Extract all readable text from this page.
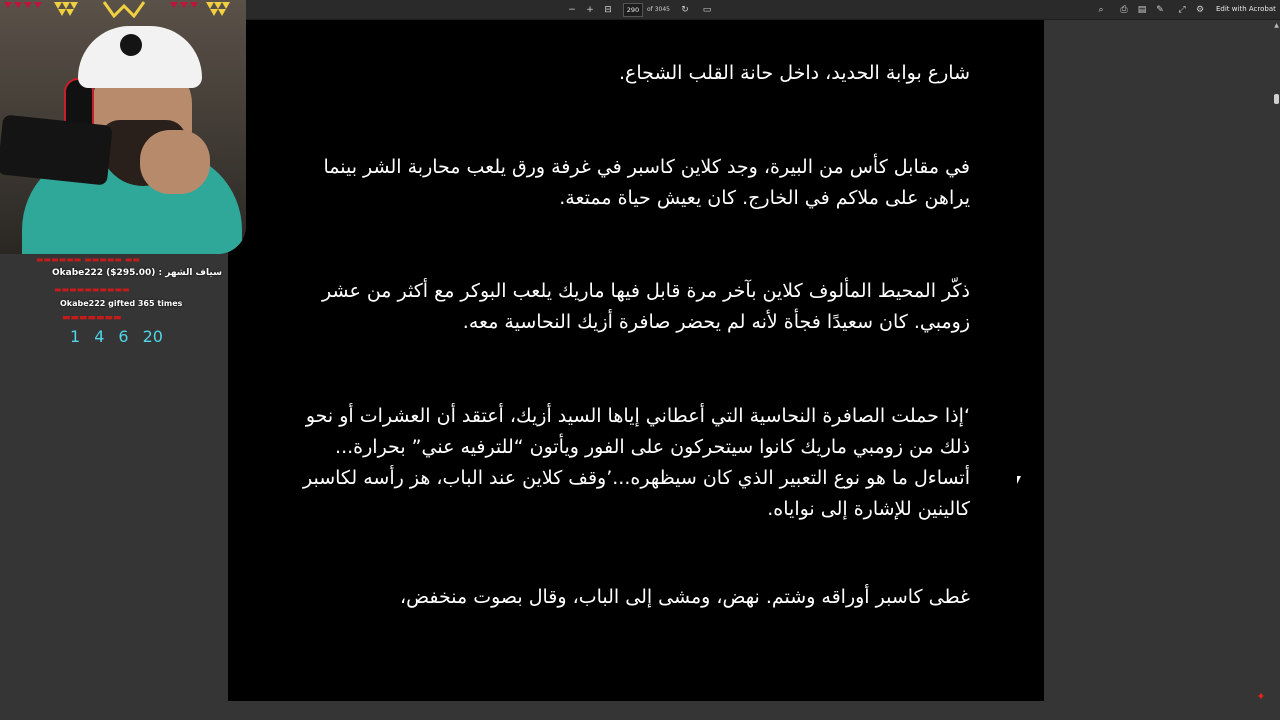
− + ⊟	290	of 3045 ↻ ▭	⌕	⎙ ▤ ✎ ⤢ ⚙ Edit with Acrobat

شارع بوابة الحديد، داخل حانة القلب الشجاع.

في مقابل كأس من البيرة، وجد كلاين كاسبر في غرفة ورق يلعب محاربة الشر بينما يراهن على ملاكم في الخارج. كان يعيش حياة ممتعة.

ذكّر المحيط المألوف كلاين بآخر مرة قابل فيها ماريك يلعب البوكر مع أكثر من عشر زومبي. كان سعيدًا فجأة لأنه لم يحضر صافرة أزيك النحاسية معه.

‘إذا حملت الصافرة النحاسية التي أعطاني إياها السيد أزيك، أعتقد أن العشرات أو نحو ذلك من زومبي ماريك كانوا سيتحركون على الفور ويأتون “للترفيه عني” بحرارة... أتساءل ما هو نوع التعبير الذي كان سيظهره...’وقف كلاين عند الباب، هز رأسه لكاسبر كالينين للإشارة إلى نواياه.

غطى كاسبر أوراقه وشتم. نهض، ومشى إلى الباب، وقال بصوت منخفض،

▲
✦
▬▬▬▬▬▬ ▬▬▬▬▬ ▬▬
Okabe222 ($295.00) : سياف الشهر
▬▬▬▬▬▬▬▬▬▬
Okabe222 gifted 365 times
▬▬▬▬▬▬▬
1 4 6 20
